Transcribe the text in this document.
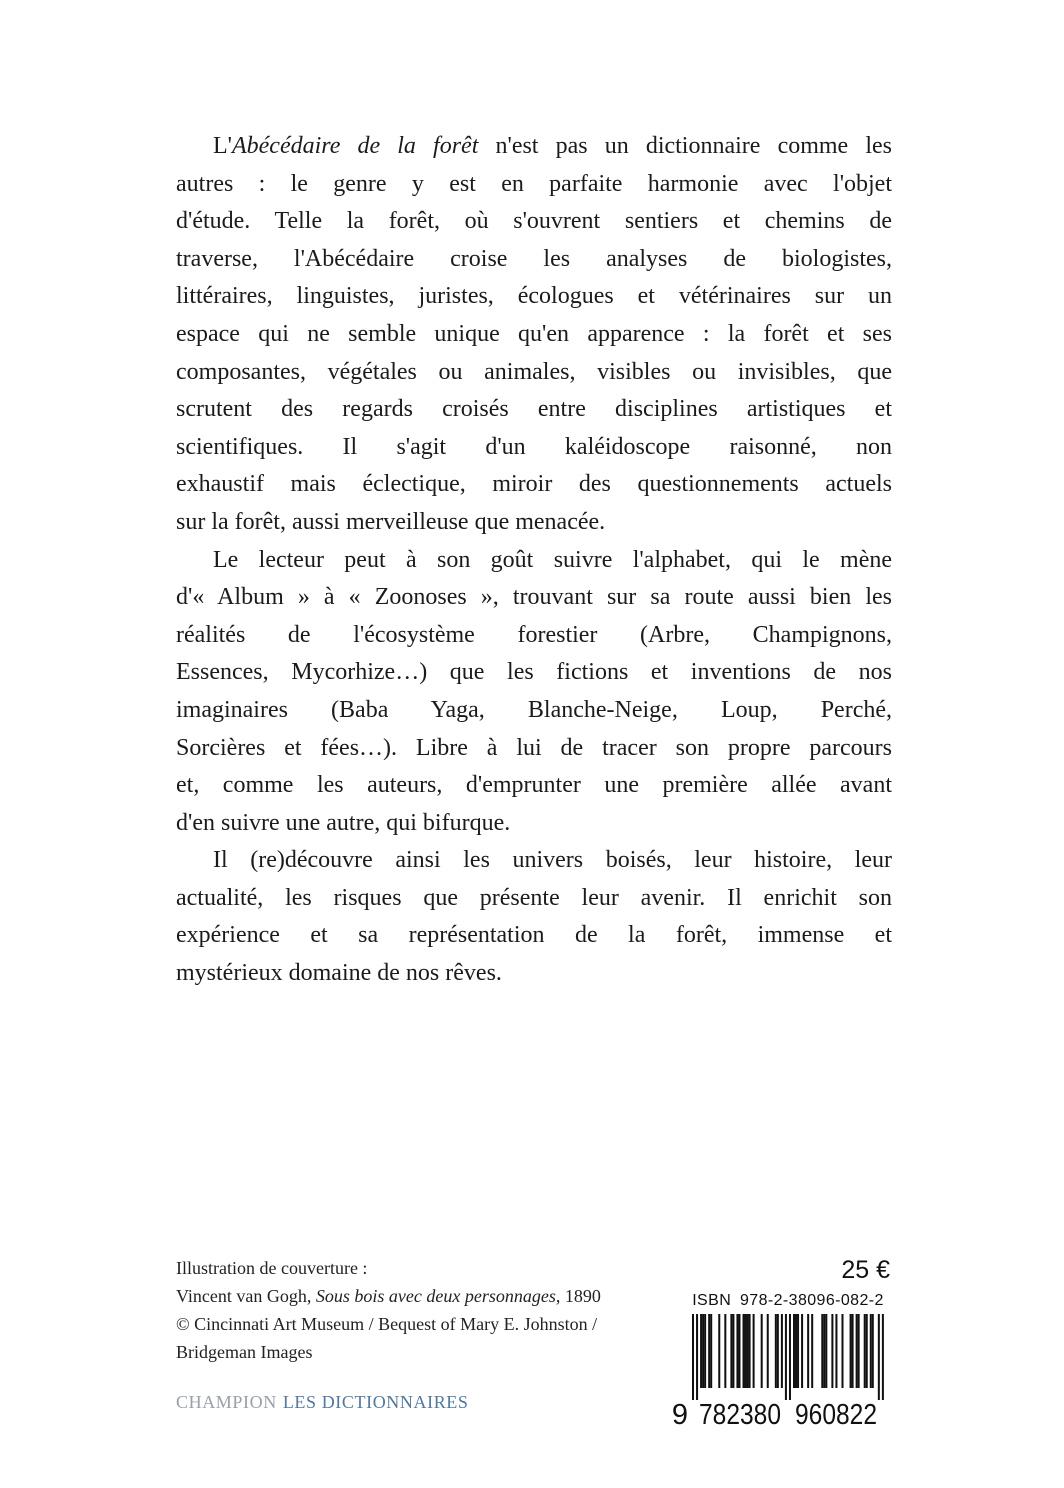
L'Abécédaire de la forêt n'est pas un dictionnaire comme les
autres : le genre y est en parfaite harmonie avec l'objet
d'étude. Telle la forêt, où s'ouvrent sentiers et chemins de
traverse, l'Abécédaire croise les analyses de biologistes,
littéraires, linguistes, juristes, écologues et vétérinaires sur un
espace qui ne semble unique qu'en apparence : la forêt et ses
composantes, végétales ou animales, visibles ou invisibles, que
scrutent des regards croisés entre disciplines artistiques et
scientifiques. Il s'agit d'un kaléidoscope raisonné, non
exhaustif mais éclectique, miroir des questionnements actuels
sur la forêt, aussi merveilleuse que menacée.
Le lecteur peut à son goût suivre l'alphabet, qui le mène
d'« Album » à « Zoonoses », trouvant sur sa route aussi bien les
réalités de l'écosystème forestier (Arbre, Champignons,
Essences, Mycorhize…) que les fictions et inventions de nos
imaginaires (Baba Yaga, Blanche-Neige, Loup, Perché,
Sorcières et fées…). Libre à lui de tracer son propre parcours
et, comme les auteurs, d'emprunter une première allée avant
d'en suivre une autre, qui bifurque.
Il (re)découvre ainsi les univers boisés, leur histoire, leur
actualité, les risques que présente leur avenir. Il enrichit son
expérience et sa représentation de la forêt, immense et
mystérieux domaine de nos rêves.
Illustration de couverture :
Vincent van Gogh, Sous bois avec deux personnages, 1890
© Cincinnati Art Museum / Bequest of Mary E. Johnston /
Bridgeman Images
CHAMPION LES DICTIONNAIRES
25 €
ISBN 978-2-38096-082-2
9 782380 960822
